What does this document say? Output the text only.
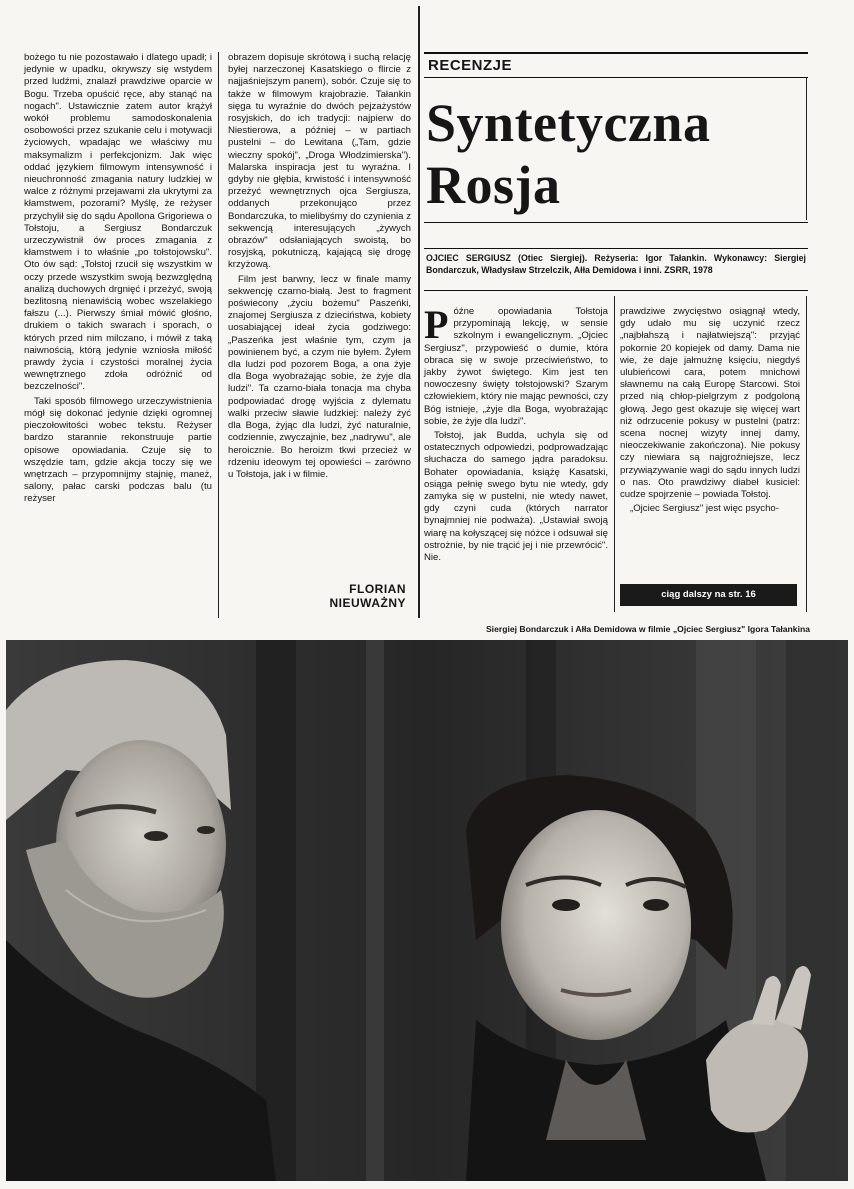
bożego tu nie pozostawało i dlatego upadł; i jedynie w upadku, okrywszy się wstydem przed ludźmi, znalazł prawdziwe oparcie w Bogu. Trzeba opuścić ręce, aby stanąć na nogach". Ustawicznie zatem autor krążył wokół problemu samodoskonalenia osobowości przez szukanie celu i motywacji życiowych, wpadając we właściwy mu maksymalizm i perfekcjonizm. Jak więc oddać językiem filmowym intensywność i nieuchronność zmagania natury ludzkiej w walce z różnymi przejawami zła ukrytymi za kłamstwem, pozorami? Myślę, że reżyser przychylił się do sądu Apollona Grigoriewa o Tołstoju, a Sergiusz Bondarczuk urzeczywistnił ów proces zmagania z kłamstwem i to właśnie „po tołstojowsku". Oto ów sąd: „Tołstoj rzucił się wszystkim w oczy przede wszystkim swoją bezwzględną analizą duchowych drgnięć i przeżyć, swoją bezlitosną nienawiścią wobec wszelakiego fałszu (...). Pierwszy śmiał mówić głośno, drukiem o takich swarach i sporach, o których przed nim milczano, i mówił z taką naiwnością, którą jedynie wzniosła miłość prawdy życia i czystości moralnej życia wewnętrznego zdoła odróżnić od bezczelności".

Taki sposób filmowego urzeczywistnienia mógł się dokonać jedynie dzięki ogromnej pieczołowitości wobec tekstu. Reżyser bardzo starannie rekonstruuje partie opisowe opowiadania. Czuje się to wszędzie tam, gdzie akcja toczy się we wnętrzach – przypomnijmy stajnię, maneż, salony, pałac carski podczas balu (tu reżyser

obrazem dopisuje skrótową i suchą relację byłej narzeczonej Kasatskiego o flircie z najjaśniejszym panem), sobór. Czuje się to także w filmowym krajobrazie. Tałankin sięga tu wyraźnie do dwóch pejzażystów rosyjskich, do ich tradycji: najpierw do Niestierowa, a później – w partiach pustelni – do Lewitana („Tam, gdzie wieczny spokój", „Droga Włodzimierska"). Malarska inspiracja jest tu wyraźna. I gdyby nie głębia, krwistość i intensywność przeżyć wewnętrznych ojca Sergiusza, oddanych przekonująco przez Bondarczuka, to mielibyśmy do czynienia z sekwencją interesujących „żywych obrazów" odsłaniających swoistą, bo rosyjską, pokutniczą, kajającą się drogę krzyżową.

Film jest barwny, lecz w finale mamy sekwencję czarno-białą. Jest to fragment poświecony „życiu bożemu" Paszeńki, znajomej Sergiusza z dzieciństwa, kobiety uosabiającej ideał życia godziwego: „Paszeńka jest właśnie tym, czym ja powinienem być, a czym nie byłem. Żyłem dla ludzi pod pozorem Boga, a ona żyje dla Boga wyobrażając sobie, że żyje dla ludzi". Ta czarno-biała tonacja ma chyba podpowiadać drogę wyjścia z dylematu walki przeciw sławie ludzkiej: należy żyć dla Boga, żyjąc dla ludzi, żyć naturalnie, codziennie, zwyczajnie, bez „nadrywu", ale heroicznie. Bo heroizm tkwi przecież w rdzeniu ideowym tej opowieści – zarówno u Tołstoja, jak i w filmie.

FLORIAN
NIEUWAŻNY
RECENZJE
Syntetyczna
Rosja
OJCIEC SERGIUSZ (Otiec Siergiej). Reżyseria: Igor Tałankin. Wykonawcy: Siergiej Bondarczuk, Władysław Strzelczik, Ałła Demidowa i inni. ZSRR, 1978

Późne opowiadania Tołstoja przypominają lekcję, w sensie szkolnym i ewangelicznym. „Ojciec Sergiusz", przypowieść o dumie, która obraca się w swoje przeciwieństwo, to jakby żywot świętego. Kim jest ten nowoczesny święty tołstojowski? Szarym człowiekiem, który nie mając pewności, czy Bóg istnieje, „żyje dla Boga, wyobrażając sobie, że żyje dla ludzi".

Tołstoj, jak Budda, uchyla się od ostatecznych odpowiedzi, podprowadzając słuchacza do samego jądra paradoksu. Bohater opowiadania, książę Kasatski, osiąga pełnię swego bytu nie wtedy, gdy zamyka się w pustelni, nie wtedy nawet, gdy czyni cuda (których narrator bynajmniej nie podważa). „Ustawiał swoją wiarę na kołyszącej się nóżce i odsuwał się ostrożnie, by nie trącić jej i nie przewrócić". Nie.

prawdziwe zwycięstwo osiągnął wtedy, gdy udało mu się uczynić rzecz „najbłahszą i najłatwiejszą": przyjąć pokornie 20 kopiejek od damy. Dama nie wie, że daje jałmużnę księciu, niegdyś ulubieńcowi cara, potem mnichowi sławnemu na całą Europę Starcowi. Stoi przed nią chłop-pielgrzym z podgoloną głową. Jego gest okazuje się więcej wart niż odrzucenie pokusy w pustelni (patrz: scena nocnej wizyty innej damy, nieoczekiwanie zakończona). Nie pokusy czy niewiara są najgroźniejsze, lecz przywiązywanie wagi do sądu innych ludzi o nas. Oto prawdziwy diabeł kusiciel: cudze spojrzenie – powiada Tołstoj.

„Ojciec Sergiusz" jest więc psycho-

ciąg dalszy na str. 16
Siergiej Bondarczuk i Ałła Demidowa w filmie „Ojciec Sergiusz" Igora Tałankina
